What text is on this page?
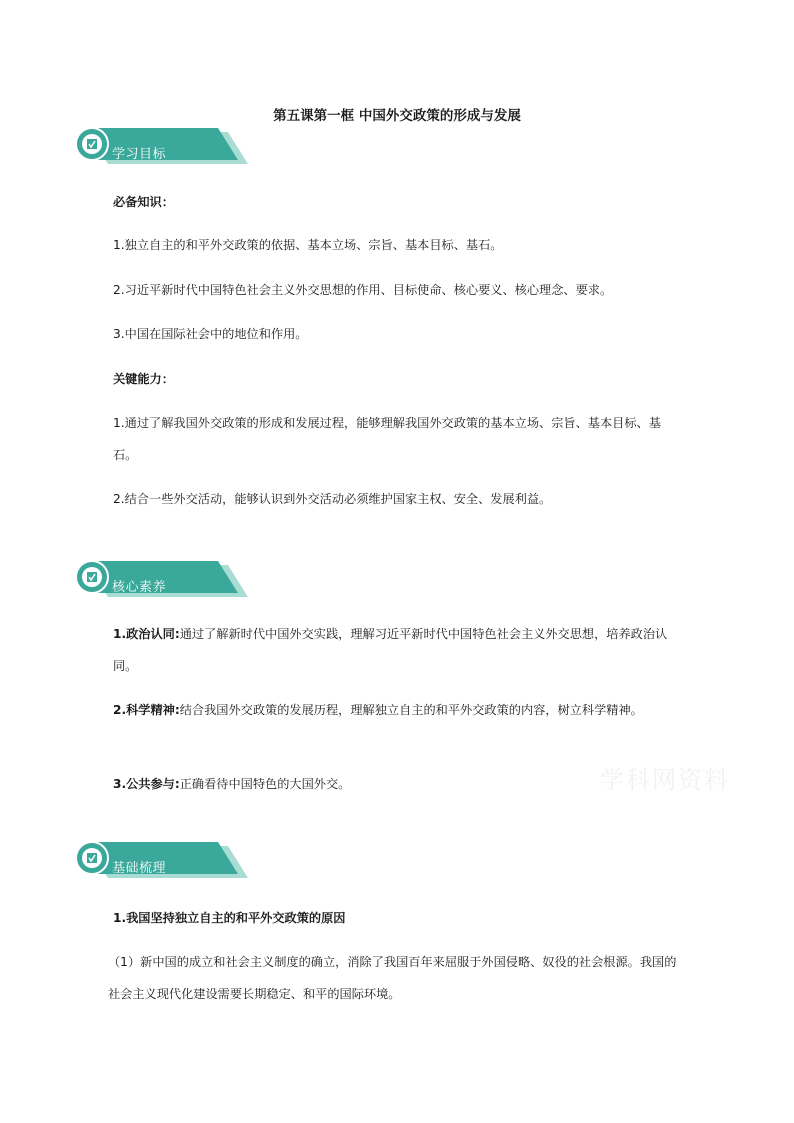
第五课第一框 中国外交政策的形成与发展
学习目标
必备知识：
1.独立自主的和平外交政策的依据、基本立场、宗旨、基本目标、基石。
2.习近平新时代中国特色社会主义外交思想的作用、目标使命、核心要义、核心理念、要求。
3.中国在国际社会中的地位和作用。
关键能力：
1.通过了解我国外交政策的形成和发展过程，能够理解我国外交政策的基本立场、宗旨、基本目标、基石。
2.结合一些外交活动，能够认识到外交活动必须维护国家主权、安全、发展利益。
核心素养
1.政治认同:通过了解新时代中国外交实践，理解习近平新时代中国特色社会主义外交思想，培养政治认同。
2.科学精神:结合我国外交政策的发展历程，理解独立自主的和平外交政策的内容，树立科学精神。
3.公共参与:正确看待中国特色的大国外交。	学科网资料
基础梳理
1.我国坚持独立自主的和平外交政策的原因
（1）新中国的成立和社会主义制度的确立，消除了我国百年来屈服于外国侵略、奴役的社会根源。我国的社会主义现代化建设需要长期稳定、和平的国际环境。
